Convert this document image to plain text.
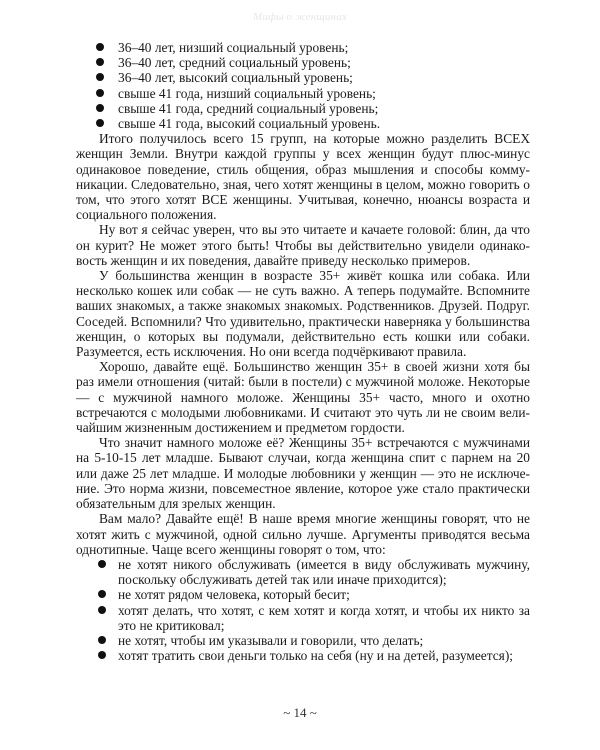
Мифы о женщинах
36–40 лет, низший социальный уровень;
36–40 лет, средний социальный уровень;
36–40 лет, высокий социальный уровень;
свыше 41 года, низший социальный уровень;
свыше 41 года, средний социальный уровень;
свыше 41 года, высокий социальный уровень.

Итого получилось всего 15 групп, на которые можно разделить ВСЕХ женщин Земли. Внутри каждой группы у всех женщин будут плюс-минус одинаковое поведение, стиль общения, образ мышления и способы коммуникации. Следовательно, зная, чего хотят женщины в целом, можно говорить о том, что этого хотят ВСЕ женщины. Учитывая, конечно, нюансы возраста и социального положения.

Ну вот я сейчас уверен, что вы это читаете и качаете головой: блин, да что он курит? Не может этого быть! Чтобы вы действительно увидели одинаковость женщин и их поведения, давайте приведу несколько примеров.

У большинства женщин в возрасте 35+ живёт кошка или собака. Или несколько кошек или собак — не суть важно. А теперь подумайте. Вспомните ваших знакомых, а также знакомых знакомых. Родственников. Друзей. Подруг. Соседей. Вспомнили? Что удивительно, практически наверняка у большинства женщин, о которых вы подумали, действительно есть кошки или собаки. Разумеется, есть исключения. Но они всегда подчёркивают правила.

Хорошо, давайте ещё. Большинство женщин 35+ в своей жизни хотя бы раз имели отношения (читай: были в постели) с мужчиной моложе. Некоторые — с мужчиной намного моложе. Женщины 35+ часто, много и охотно встречаются с молодыми любовниками. И считают это чуть ли не своим величайшим жизненным достижением и предметом гордости.

Что значит намного моложе её? Женщины 35+ встречаются с мужчинами на 5-10-15 лет младше. Бывают случаи, когда женщина спит с парнем на 20 или даже 25 лет младше. И молодые любовники у женщин — это не исключение. Это норма жизни, повсеместное явление, которое уже стало практически обязательным для зрелых женщин.

Вам мало? Давайте ещё! В наше время многие женщины говорят, что не хотят жить с мужчиной, одной сильно лучше. Аргументы приводятся весьма однотипные. Чаще всего женщины говорят о том, что:

не хотят никого обслуживать (имеется в виду обслуживать мужчину, поскольку обслуживать детей так или иначе приходится);
не хотят рядом человека, который бесит;
хотят делать, что хотят, с кем хотят и когда хотят, и чтобы их никто за это не критиковал;
не хотят, чтобы им указывали и говорили, что делать;
хотят тратить свои деньги только на себя (ну и на детей, разумеется);
~ 14 ~
